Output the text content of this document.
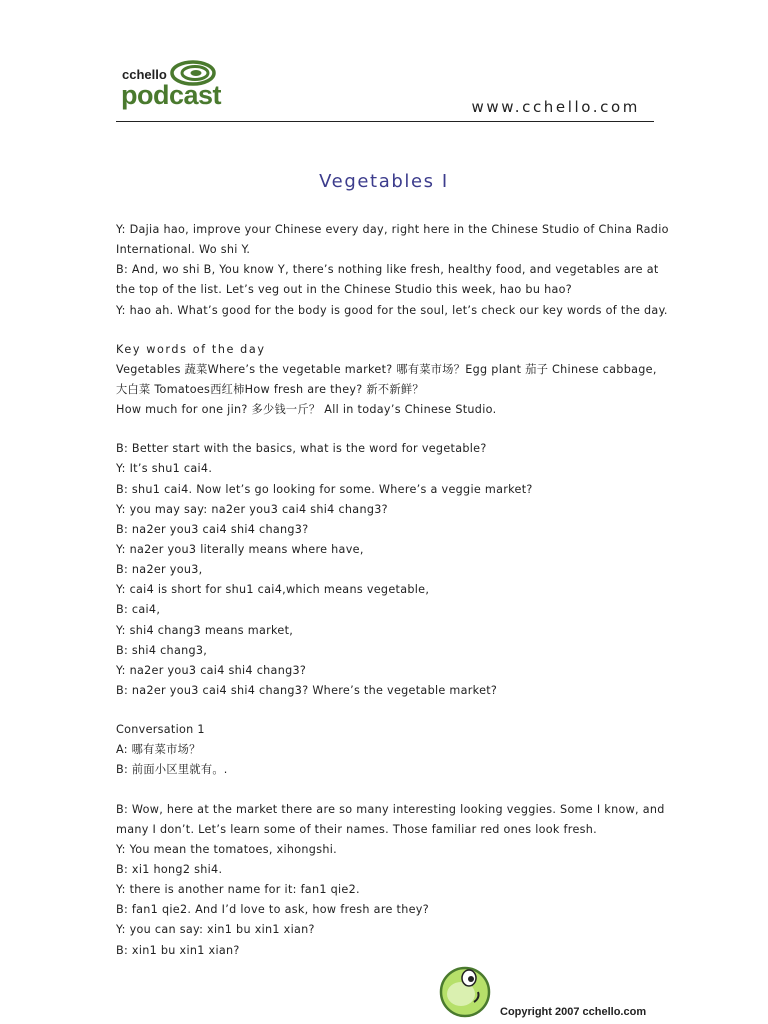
cchello
podcast	www.cchello.com
Vegetables I
Y: Dajia hao, improve your Chinese every day, right here in the Chinese Studio of China Radio
International. Wo shi Y.
B: And, wo shi B, You know Y, there’s nothing like fresh, healthy food, and vegetables are at
the top of the list. Let’s veg out in the Chinese Studio this week, hao bu hao?
Y: hao ah. What’s good for the body is good for the soul, let’s check our key words of the day.
Key words of the day
Vegetables 蔬菜Where’s the vegetable market? 哪有菜市场？Egg plant 茄子 Chinese cabbage,
大白菜 Tomatoes西红柿How fresh are they? 新不新鲜？
How much for one jin? 多少钱一斤？ All in today’s Chinese Studio.
B: Better start with the basics, what is the word for vegetable?
Y: It’s shu1 cai4.
B: shu1 cai4. Now let’s go looking for some. Where’s a veggie market?
Y: you may say: na2er you3 cai4 shi4 chang3?
B: na2er you3 cai4 shi4 chang3?
Y: na2er you3 literally means where have,
B: na2er you3,
Y: cai4 is short for shu1 cai4,which means vegetable,
B: cai4,
Y: shi4 chang3 means market,
B: shi4 chang3,
Y: na2er you3 cai4 shi4 chang3?
B: na2er you3 cai4 shi4 chang3? Where’s the vegetable market?
Conversation 1
A: 哪有菜市场？
B: 前面小区里就有。.
B: Wow, here at the market there are so many interesting looking veggies. Some I know, and
many I don’t. Let’s learn some of their names. Those familiar red ones look fresh.
Y: You mean the tomatoes, xihongshi.
B: xi1 hong2 shi4.
Y: there is another name for it: fan1 qie2.
B: fan1 qie2. And I’d love to ask, how fresh are they?
Y: you can say: xin1 bu xin1 xian?
B: xin1 bu xin1 xian?
Copyright 2007 cchello.com
